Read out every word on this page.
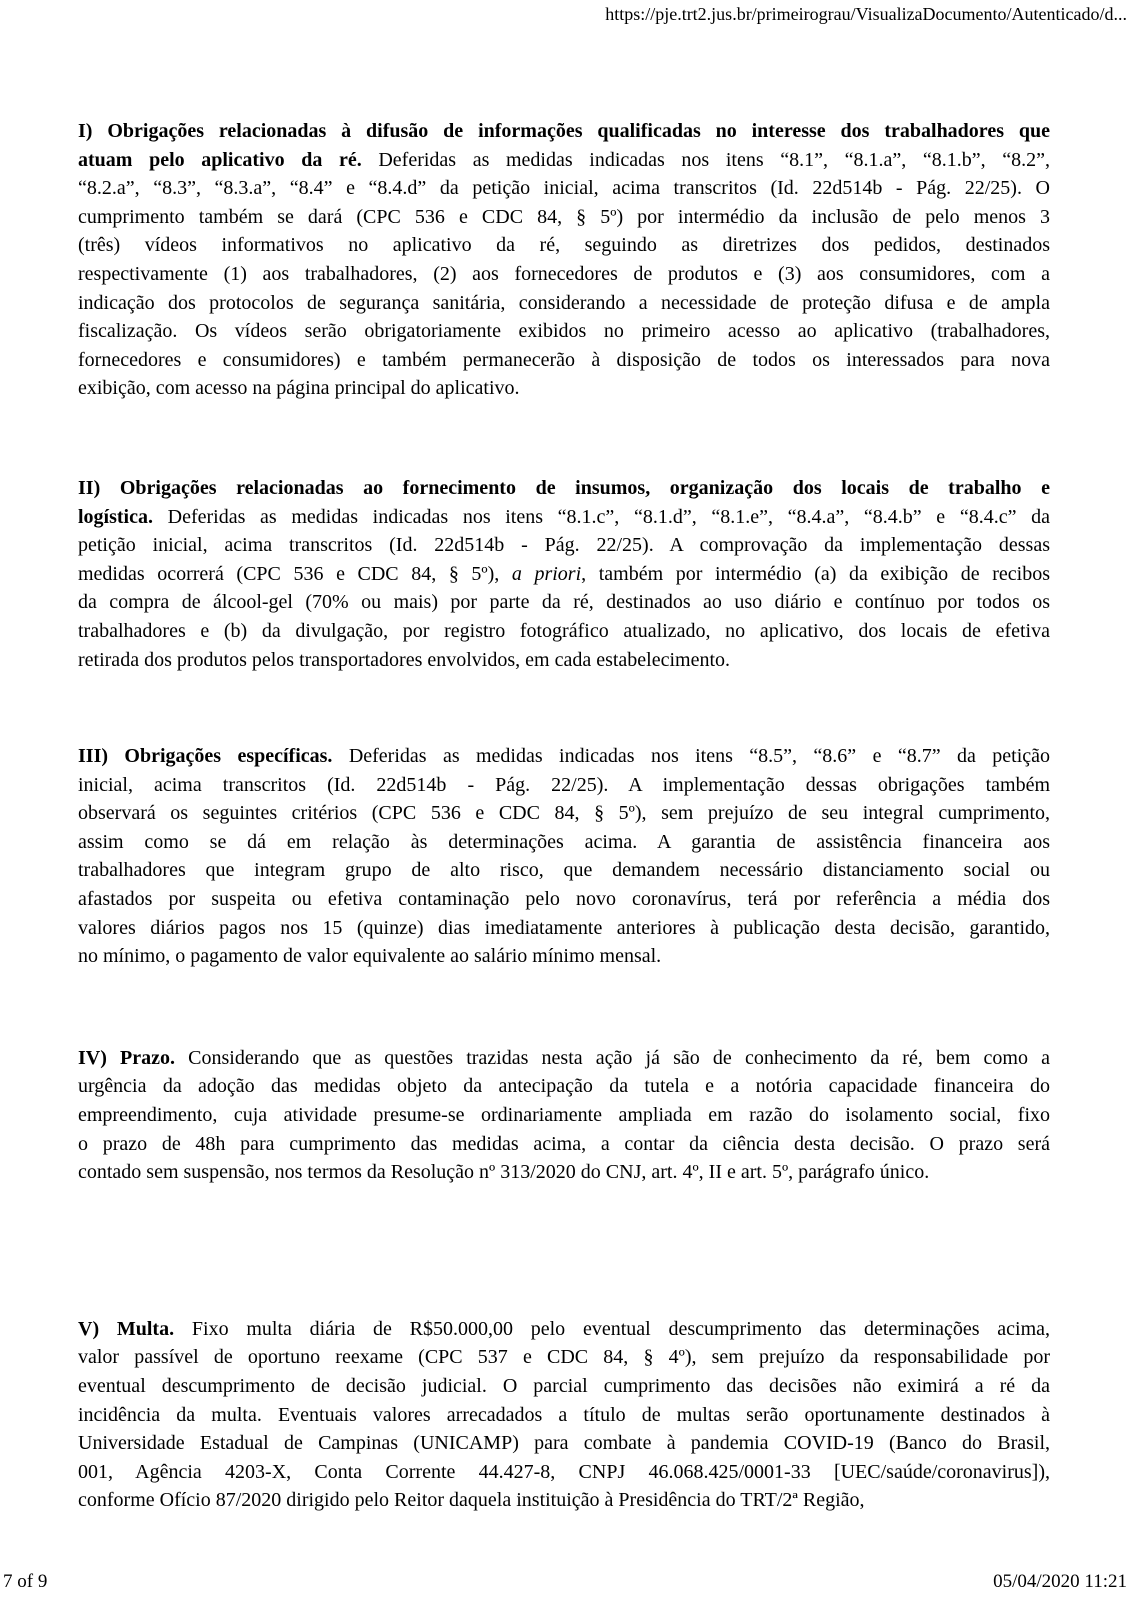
https://pje.trt2.jus.br/primeirograu/VisualizaDocumento/Autenticado/d...
I) Obrigações relacionadas à difusão de informações qualificadas no interesse dos trabalhadores que
atuam pelo aplicativo da ré. Deferidas as medidas indicadas nos itens “8.1”, “8.1.a”, “8.1.b”, “8.2”,
“8.2.a”, “8.3”, “8.3.a”, “8.4” e “8.4.d” da petição inicial, acima transcritos (Id. 22d514b - Pág. 22/25). O
cumprimento também se dará (CPC 536 e CDC 84, § 5º) por intermédio da inclusão de pelo menos 3
(três) vídeos informativos no aplicativo da ré, seguindo as diretrizes dos pedidos, destinados
respectivamente (1) aos trabalhadores, (2) aos fornecedores de produtos e (3) aos consumidores, com a
indicação dos protocolos de segurança sanitária, considerando a necessidade de proteção difusa e de ampla
fiscalização. Os vídeos serão obrigatoriamente exibidos no primeiro acesso ao aplicativo (trabalhadores,
fornecedores e consumidores) e também permanecerão à disposição de todos os interessados para nova
exibição, com acesso na página principal do aplicativo.
II) Obrigações relacionadas ao fornecimento de insumos, organização dos locais de trabalho e
logística. Deferidas as medidas indicadas nos itens “8.1.c”, “8.1.d”, “8.1.e”, “8.4.a”, “8.4.b” e “8.4.c” da
petição inicial, acima transcritos (Id. 22d514b - Pág. 22/25). A comprovação da implementação dessas
medidas ocorrerá (CPC 536 e CDC 84, § 5º), a priori, também por intermédio (a) da exibição de recibos
da compra de álcool-gel (70% ou mais) por parte da ré, destinados ao uso diário e contínuo por todos os
trabalhadores e (b) da divulgação, por registro fotográfico atualizado, no aplicativo, dos locais de efetiva
retirada dos produtos pelos transportadores envolvidos, em cada estabelecimento.
III) Obrigações específicas. Deferidas as medidas indicadas nos itens “8.5”, “8.6” e “8.7” da petição
inicial, acima transcritos (Id. 22d514b - Pág. 22/25). A implementação dessas obrigações também
observará os seguintes critérios (CPC 536 e CDC 84, § 5º), sem prejuízo de seu integral cumprimento,
assim como se dá em relação às determinações acima. A garantia de assistência financeira aos
trabalhadores que integram grupo de alto risco, que demandem necessário distanciamento social ou
afastados por suspeita ou efetiva contaminação pelo novo coronavírus, terá por referência a média dos
valores diários pagos nos 15 (quinze) dias imediatamente anteriores à publicação desta decisão, garantido,
no mínimo, o pagamento de valor equivalente ao salário mínimo mensal.
IV) Prazo. Considerando que as questões trazidas nesta ação já são de conhecimento da ré, bem como a
urgência da adoção das medidas objeto da antecipação da tutela e a notória capacidade financeira do
empreendimento, cuja atividade presume-se ordinariamente ampliada em razão do isolamento social, fixo
o prazo de 48h para cumprimento das medidas acima, a contar da ciência desta decisão. O prazo será
contado sem suspensão, nos termos da Resolução nº 313/2020 do CNJ, art. 4º, II e art. 5º, parágrafo único.
V) Multa. Fixo multa diária de R$50.000,00 pelo eventual descumprimento das determinações acima,
valor passível de oportuno reexame (CPC 537 e CDC 84, § 4º), sem prejuízo da responsabilidade por
eventual descumprimento de decisão judicial. O parcial cumprimento das decisões não eximirá a ré da
incidência da multa. Eventuais valores arrecadados a título de multas serão oportunamente destinados à
Universidade Estadual de Campinas (UNICAMP) para combate à pandemia COVID-19 (Banco do Brasil,
001, Agência 4203-X, Conta Corrente 44.427-8, CNPJ 46.068.425/0001-33 [UEC/saúde/coronavirus]),
conforme Ofício 87/2020 dirigido pelo Reitor daquela instituição à Presidência do TRT/2ª Região,
7 of 9	05/04/2020 11:21
